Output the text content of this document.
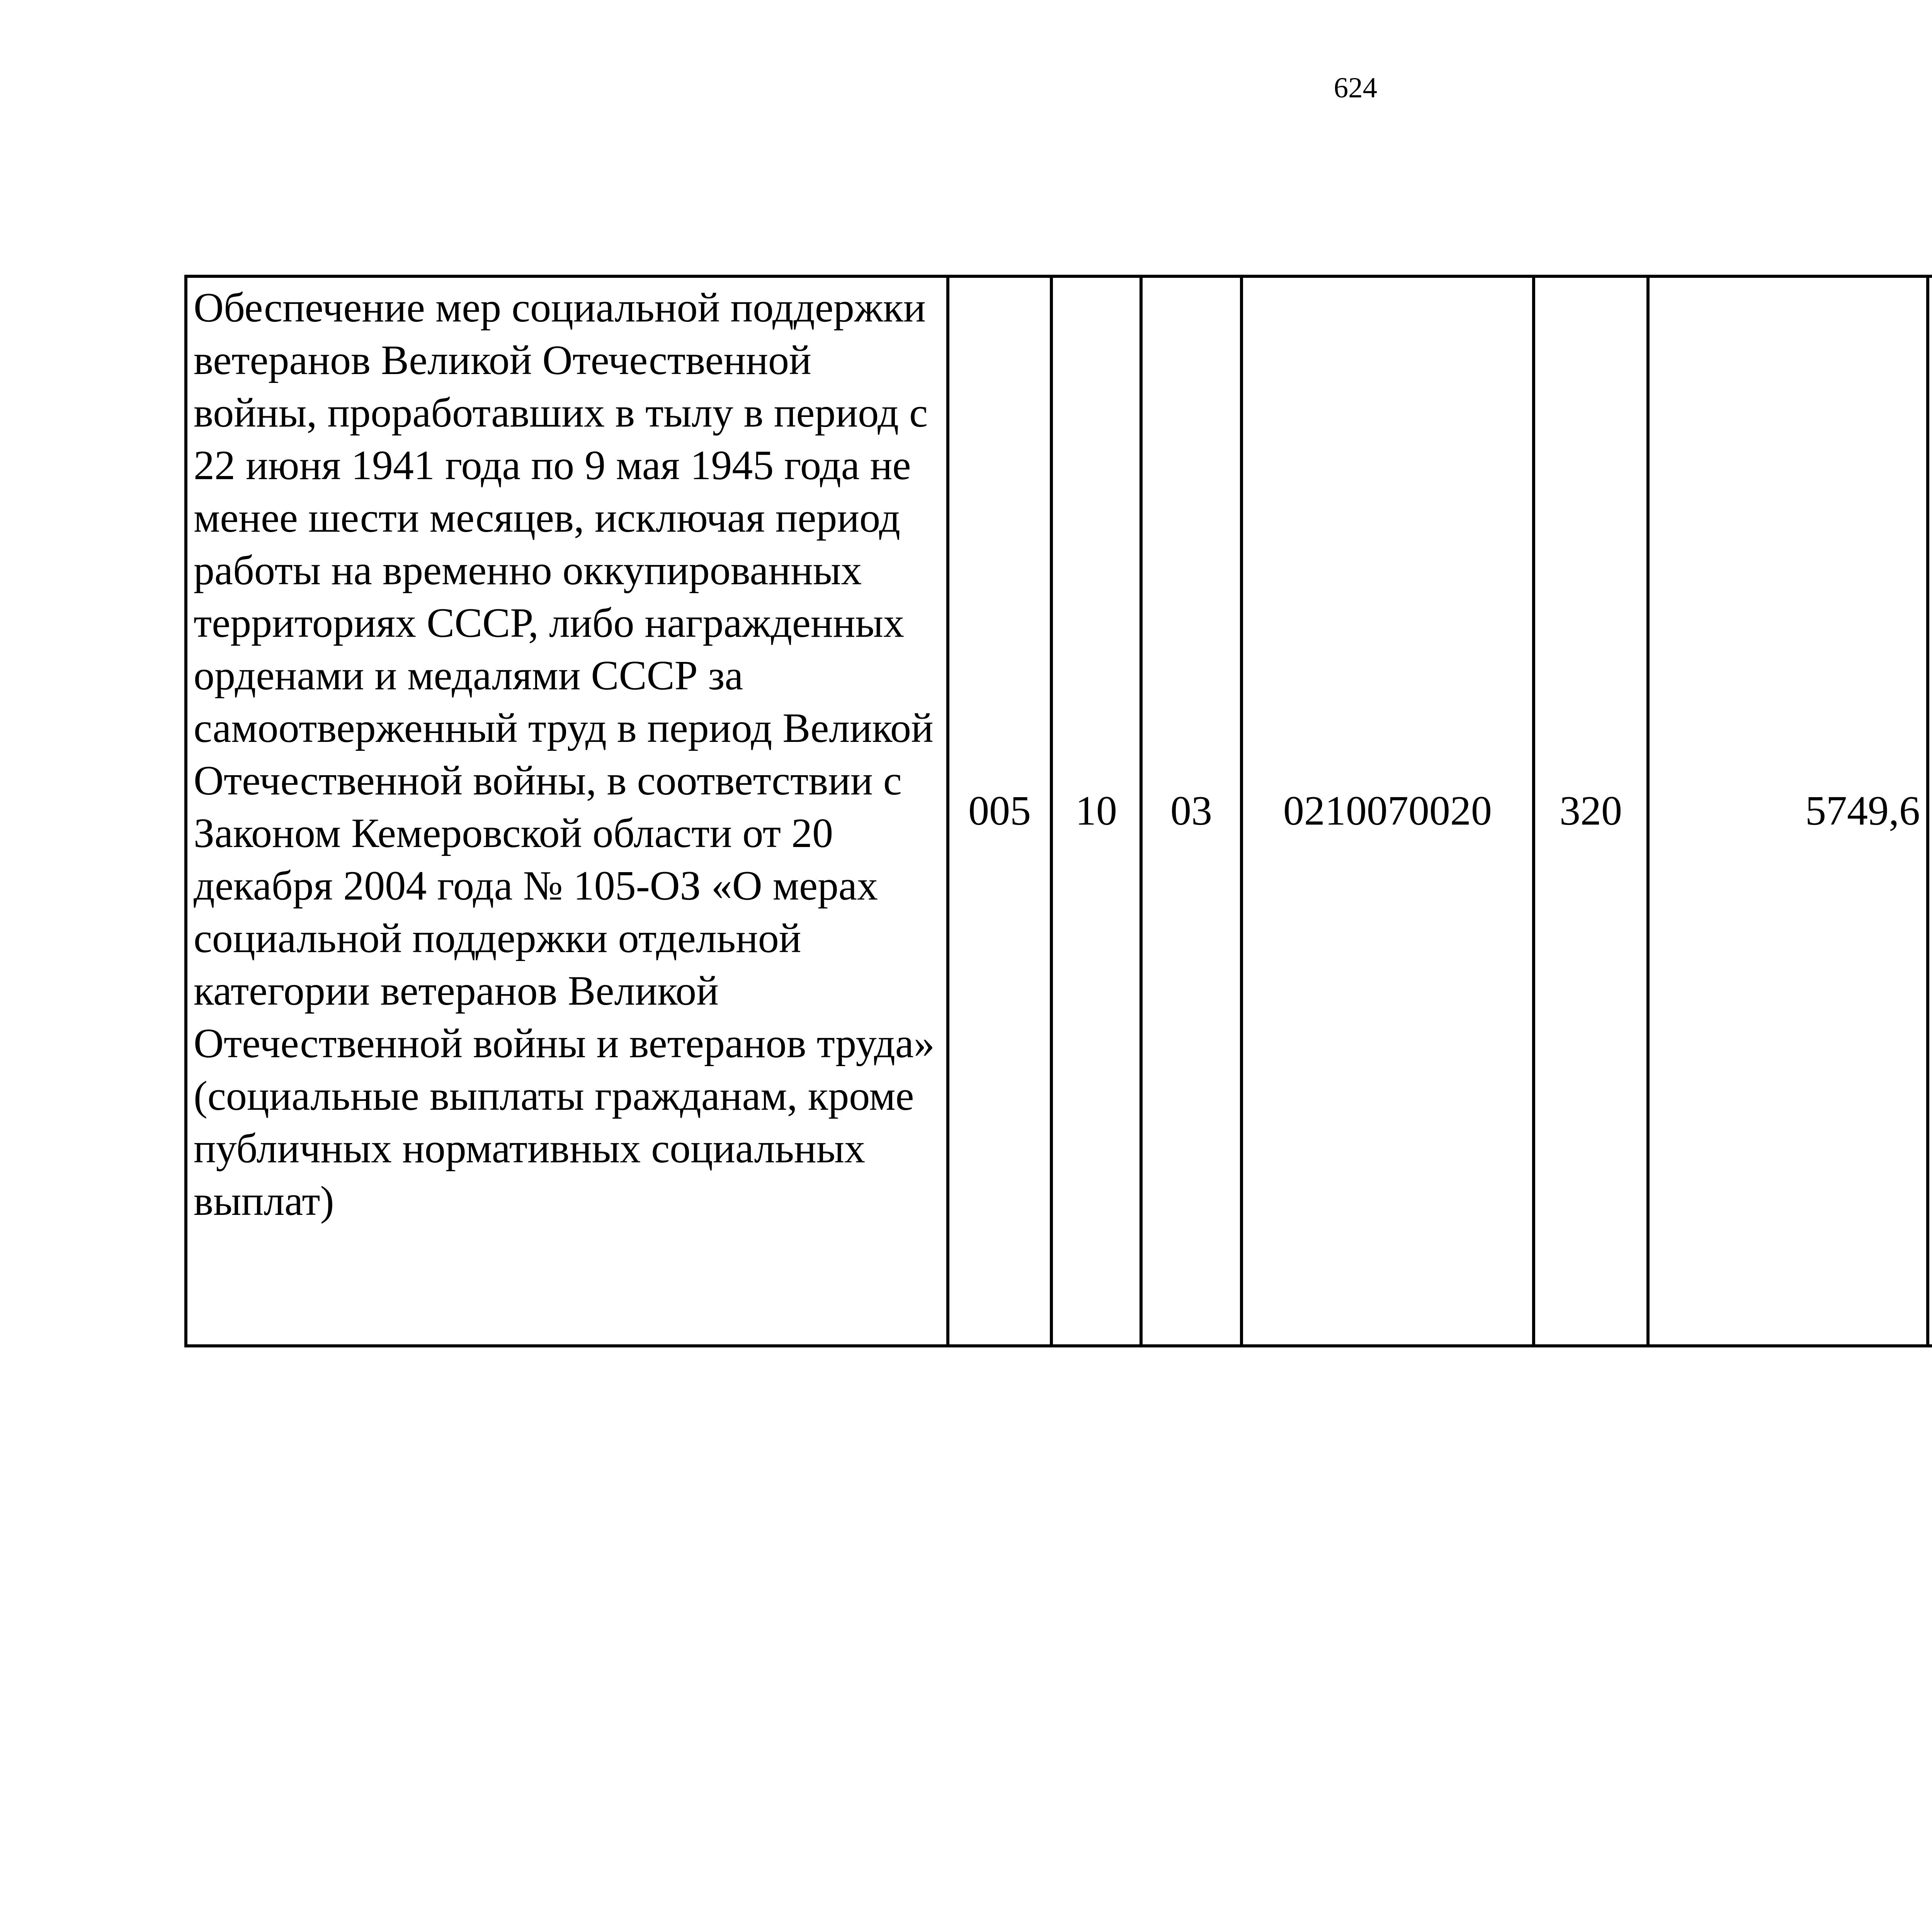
624
Обеспечение мер социальной поддержки ветеранов Великой Отечественной войны, проработавших в тылу в период с 22 июня 1941 года по 9 мая 1945 года не менее шести месяцев, исключая период работы на временно оккупированных территориях СССР, либо награжденных орденами и медалями СССР за самоотверженный труд в период Великой Отечественной войны, в соответствии с Законом Кемеровской области от 20 декабря 2004 года № 105-ОЗ «О мерах социальной поддержки отдельной категории ветеранов Великой Отечественной войны и ветеранов труда» (социальные выплаты гражданам, кроме публичных нормативных социальных выплат)	005	10	03	0210070020	320	5749,6		
